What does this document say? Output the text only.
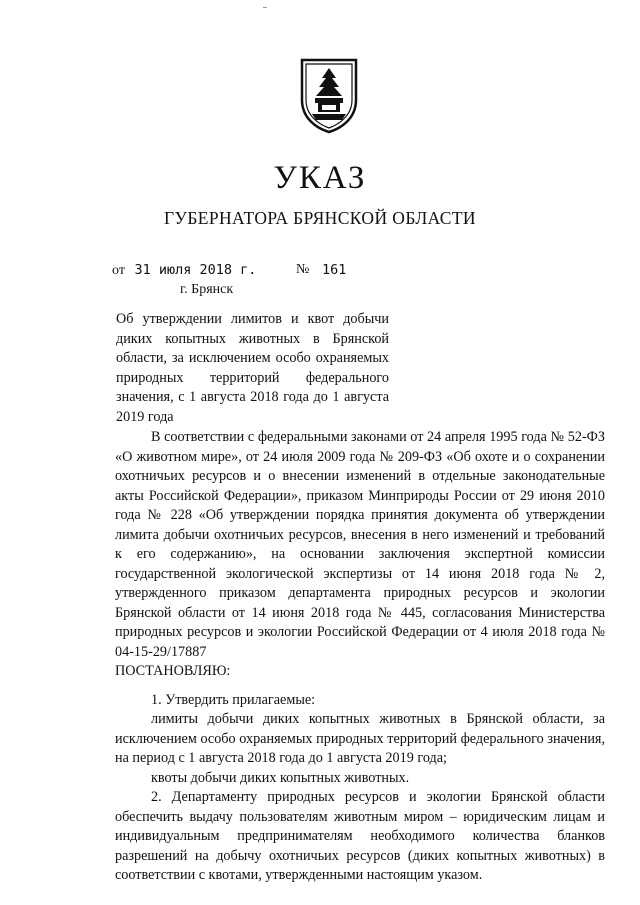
УКАЗ
ГУБЕРНАТОРА БРЯНСКОЙ ОБЛАСТИ
от 31 июля 2018 г.	№ 161
г. Брянск
Об утверждении лимитов и квот добычи диких копытных животных в Брянской области, за исключением особо охраняемых природных территорий федерального значения, с 1 августа 2018 года до 1 августа 2019 года

В соответствии с федеральными законами от 24 апреля 1995 года № 52-ФЗ «О животном мире», от 24 июля 2009 года № 209-ФЗ «Об охоте и о сохранении охотничьих ресурсов и о внесении изменений в отдельные законодательные акты Российской Федерации», приказом Минприроды России от 29 июня 2010 года № 228 «Об утверждении порядка принятия документа об утверждении лимита добычи охотничьих ресурсов, внесения в него изменений и требований к его содержанию», на основании заключения экспертной комиссии государственной экологической экспертизы от 14 июня 2018 года № 2, утвержденного приказом департамента природных ресурсов и экологии Брянской области от 14 июня 2018 года № 445, согласования Министерства природных ресурсов и экологии Российской Федерации от 4 июля 2018 года № 04-15-29/17887

ПОСТАНОВЛЯЮ:

1. Утвердить прилагаемые:

лимиты добычи диких копытных животных в Брянской области, за исключением особо охраняемых природных территорий федерального значения, на период с 1 августа 2018 года до 1 августа 2019 года;

квоты добычи диких копытных животных.

2. Департаменту природных ресурсов и экологии Брянской области обеспечить выдачу пользователям животным миром – юридическим лицам и индивидуальным предпринимателям необходимого количества бланков разрешений на добычу охотничьих ресурсов (диких копытных животных) в соответствии с квотами, утвержденными настоящим указом.
